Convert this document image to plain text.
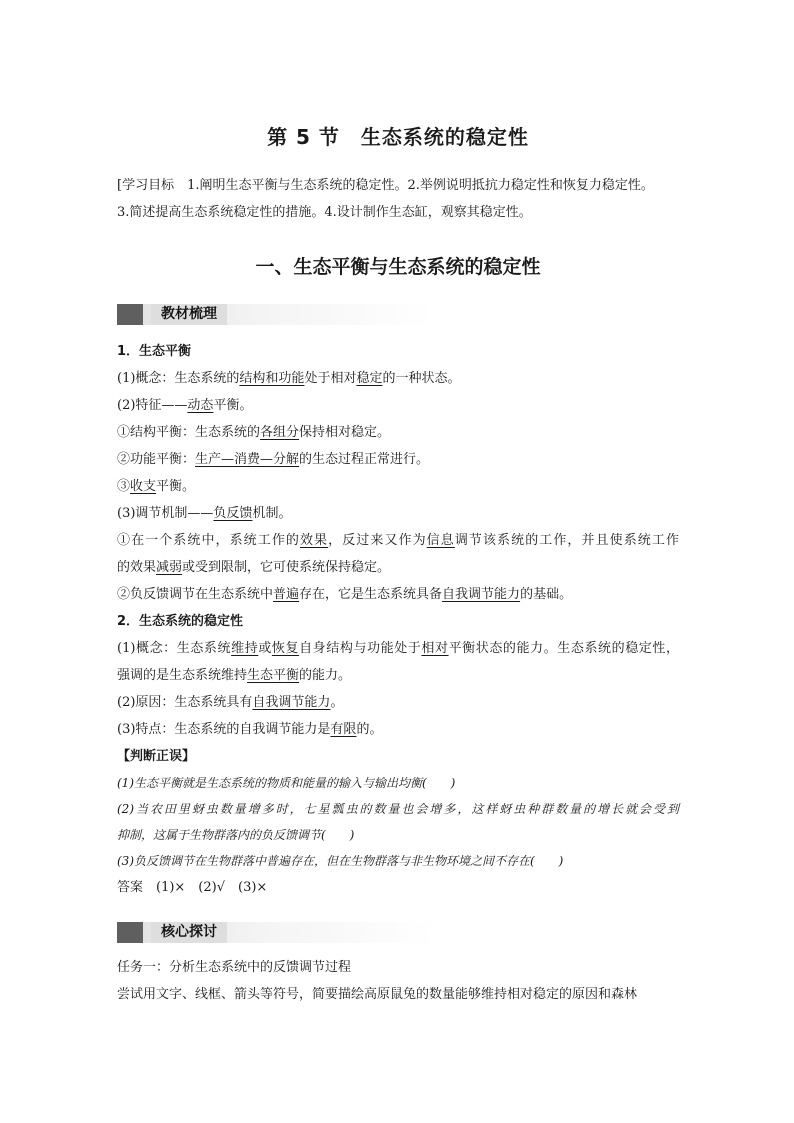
第 5 节　生态系统的稳定性
[学习目标　1.阐明生态平衡与生态系统的稳定性。2.举例说明抵抗力稳定性和恢复力稳定性。
3.简述提高生态系统稳定性的措施。4.设计制作生态缸，观察其稳定性。
一、生态平衡与生态系统的稳定性
教材梳理
1．生态平衡
(1)概念：生态系统的结构和功能处于相对稳定的一种状态。
(2)特征——动态平衡。
①结构平衡：生态系统的各组分保持相对稳定。
②功能平衡：生产—消费—分解的生态过程正常进行。
③收支平衡。
(3)调节机制——负反馈机制。
①在一个系统中，系统工作的效果，反过来又作为信息调节该系统的工作，并且使系统工作
的效果减弱或受到限制，它可使系统保持稳定。
②负反馈调节在生态系统中普遍存在，它是生态系统具备自我调节能力的基础。
2．生态系统的稳定性
(1)概念：生态系统维持或恢复自身结构与功能处于相对平衡状态的能力。生态系统的稳定性，
强调的是生态系统维持生态平衡的能力。
(2)原因：生态系统具有自我调节能力。
(3)特点：生态系统的自我调节能力是有限的。
【判断正误】
(1)生态平衡就是生态系统的物质和能量的输入与输出均衡(　　)
(2)当农田里蚜虫数量增多时，七星瓢虫的数量也会增多，这样蚜虫种群数量的增长就会受到
抑制，这属于生物群落内的负反馈调节(　　)
(3)负反馈调节在生物群落中普遍存在，但在生物群落与非生物环境之间不存在(　　)
答案　(1)×　(2)√　(3)×
核心探讨
任务一：分析生态系统中的反馈调节过程
尝试用文字、线框、箭头等符号，简要描绘高原鼠兔的数量能够维持相对稳定的原因和森林
